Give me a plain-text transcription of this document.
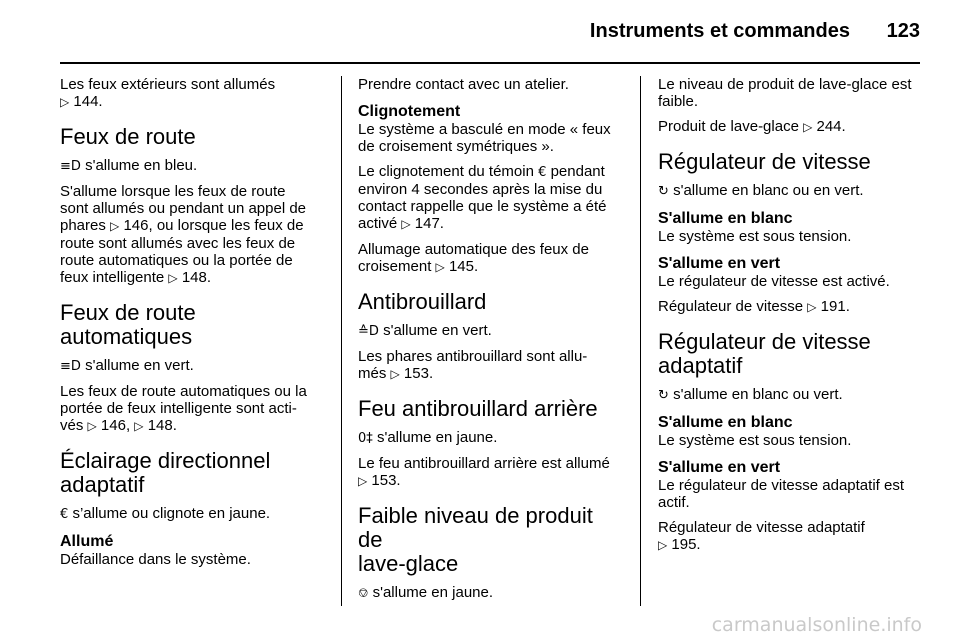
Instruments et commandes 123

Les feux extérieurs sont allumés
▷ 144.

Feux de route

≡D s'allume en bleu.

S'allume lorsque les feux de route
sont allumés ou pendant un appel de
phares ▷ 146, ou lorsque les feux de
route sont allumés avec les feux de
route automatiques ou la portée de
feux intelligente ▷ 148.

Feux de route
automatiques

≡D s'allume en vert.

Les feux de route automatiques ou la
portée de feux intelligente sont acti-
vés ▷ 146, ▷ 148.

Éclairage directionnel
adaptatif

€ s’allume ou clignote en jaune.

Allumé

Défaillance dans le système.

Prendre contact avec un atelier.

Clignotement

Le système a basculé en mode « feux
de croisement symétriques ».

Le clignotement du témoin € pendant
environ 4 secondes après la mise du
contact rappelle que le système a été
activé ▷ 147.

Allumage automatique des feux de
croisement ▷ 145.

Antibrouillard

≙D s'allume en vert.

Les phares antibrouillard sont allu-
més ▷ 153.

Feu antibrouillard arrière

0‡ s'allume en jaune.

Le feu antibrouillard arrière est allumé
▷ 153.

Faible niveau de produit de
lave-glace

⎊ s'allume en jaune.

Le niveau de produit de lave-glace est
faible.

Produit de lave-glace ▷ 244.

Régulateur de vitesse

↻ s'allume en blanc ou en vert.

S'allume en blanc

Le système est sous tension.

S'allume en vert

Le régulateur de vitesse est activé.

Régulateur de vitesse ▷ 191.

Régulateur de vitesse
adaptatif

↻ s'allume en blanc ou vert.

S'allume en blanc

Le système est sous tension.

S'allume en vert

Le régulateur de vitesse adaptatif est
actif.

Régulateur de vitesse adaptatif
▷ 195.

carmanualsonline.info
